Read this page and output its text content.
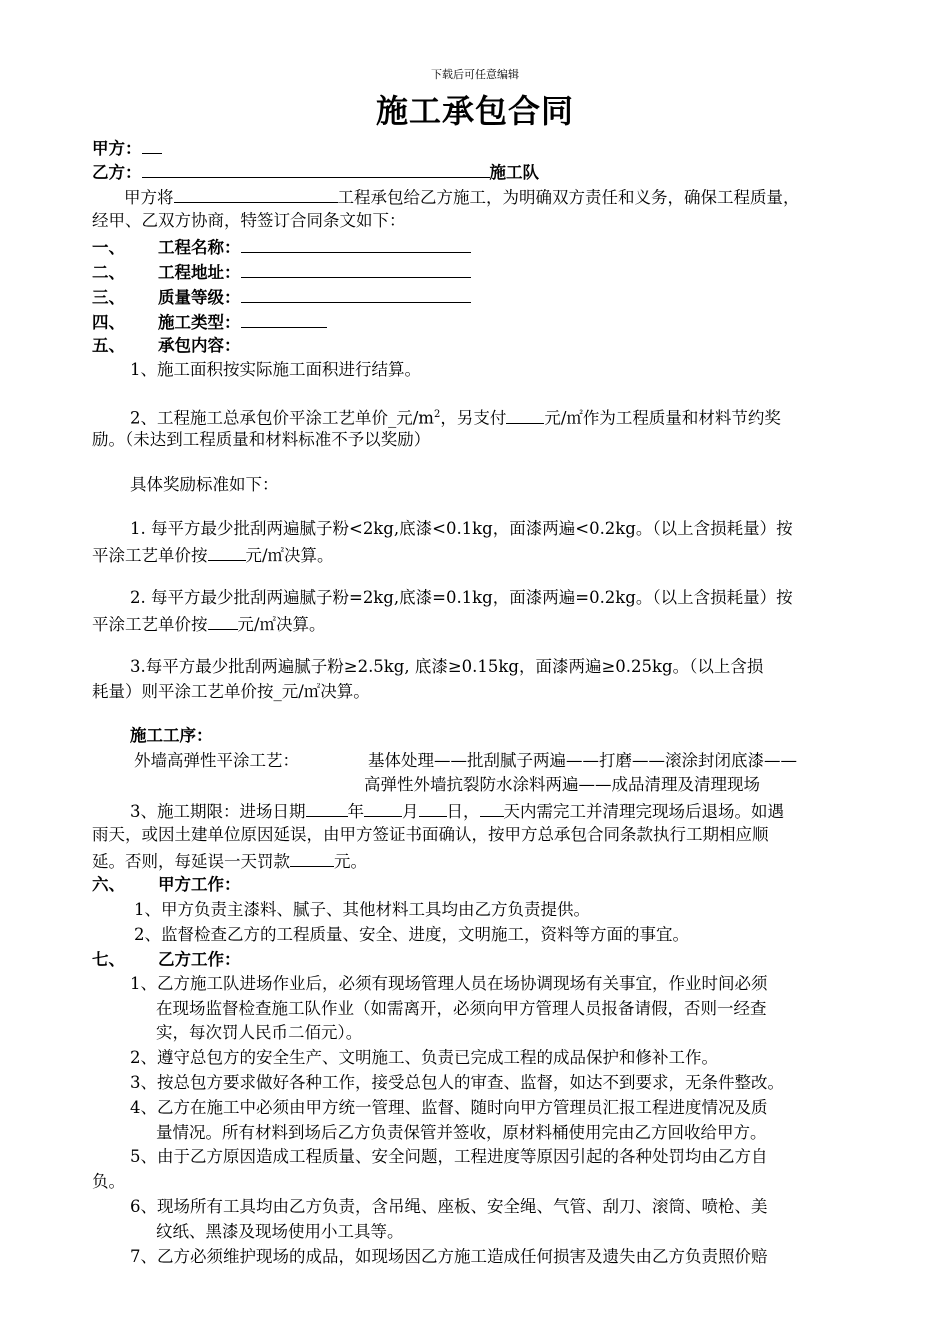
下载后可任意编辑
施工承包合同
甲方：
乙方：	施工队
甲方将	工程承包给乙方施工，为明确双方责任和义务，确保工程质量，
经甲、乙双方协商，特签订合同条文如下：
一、 工程名称：
二、 工程地址：
三、 质量等级：
四、 施工类型：
五、 承包内容：
1、施工面积按实际施工面积进行结算。
2、工程施工总承包价平涂工艺单价_元$/m^2$，另支付 元/㎡作为工程质量和材料节约奖
励。（未达到工程质量和材料标准不予以奖励）
具体奖励标准如下：
1. 每平方最少批刮两遍腻子粉<2kg,底漆<0.1kg，面漆两遍<0.2kg。（以上含损耗量）按
平涂工艺单价按 元/㎡决算。
2. 每平方最少批刮两遍腻子粉=2kg,底漆=0.1kg，面漆两遍=0.2kg。（以上含损耗量）按
平涂工艺单价按 元/㎡决算。
3.每平方最少批刮两遍腻子粉≥2.5kg, 底漆≥0.15kg，面漆两遍≥0.25kg。（以上含损
耗量）则平涂工艺单价按_元/㎡决算。
施工工序：
外墙高弹性平涂工艺：	基体处理——批刮腻子两遍——打磨——滚涂封闭底漆——
高弹性外墙抗裂防水涂料两遍——成品清理及清理现场
3、施工期限：进场日期	年 月 日， 天内需完工并清理完现场后退场。如遇
雨天，或因土建单位原因延误，由甲方签证书面确认，按甲方总承包合同条款执行工期相应顺
延。否则，每延误一天罚款	元。
六、 甲方工作：
1、甲方负责主漆料、腻子、其他材料工具均由乙方负责提供。
2、监督检查乙方的工程质量、安全、进度，文明施工，资料等方面的事宜。
七、 乙方工作：
1、乙方施工队进场作业后，必须有现场管理人员在场协调现场有关事宜，作业时间必须
在现场监督检查施工队作业（如需离开，必须向甲方管理人员报备请假，否则一经查
实，每次罚人民币二佰元）。
2、遵守总包方的安全生产、文明施工、负责已完成工程的成品保护和修补工作。
3、按总包方要求做好各种工作，接受总包人的审查、监督，如达不到要求，无条件整改。
4、乙方在施工中必须由甲方统一管理、监督、随时向甲方管理员汇报工程进度情况及质
量情况。所有材料到场后乙方负责保管并签收，原材料桶使用完由乙方回收给甲方。
5、由于乙方原因造成工程质量、安全问题，工程进度等原因引起的各种处罚均由乙方自
负。
6、现场所有工具均由乙方负责，含吊绳、座板、安全绳、气管、刮刀、滚筒、喷枪、美
纹纸、黑漆及现场使用小工具等。
7、乙方必须维护现场的成品，如现场因乙方施工造成任何损害及遗失由乙方负责照价赔
